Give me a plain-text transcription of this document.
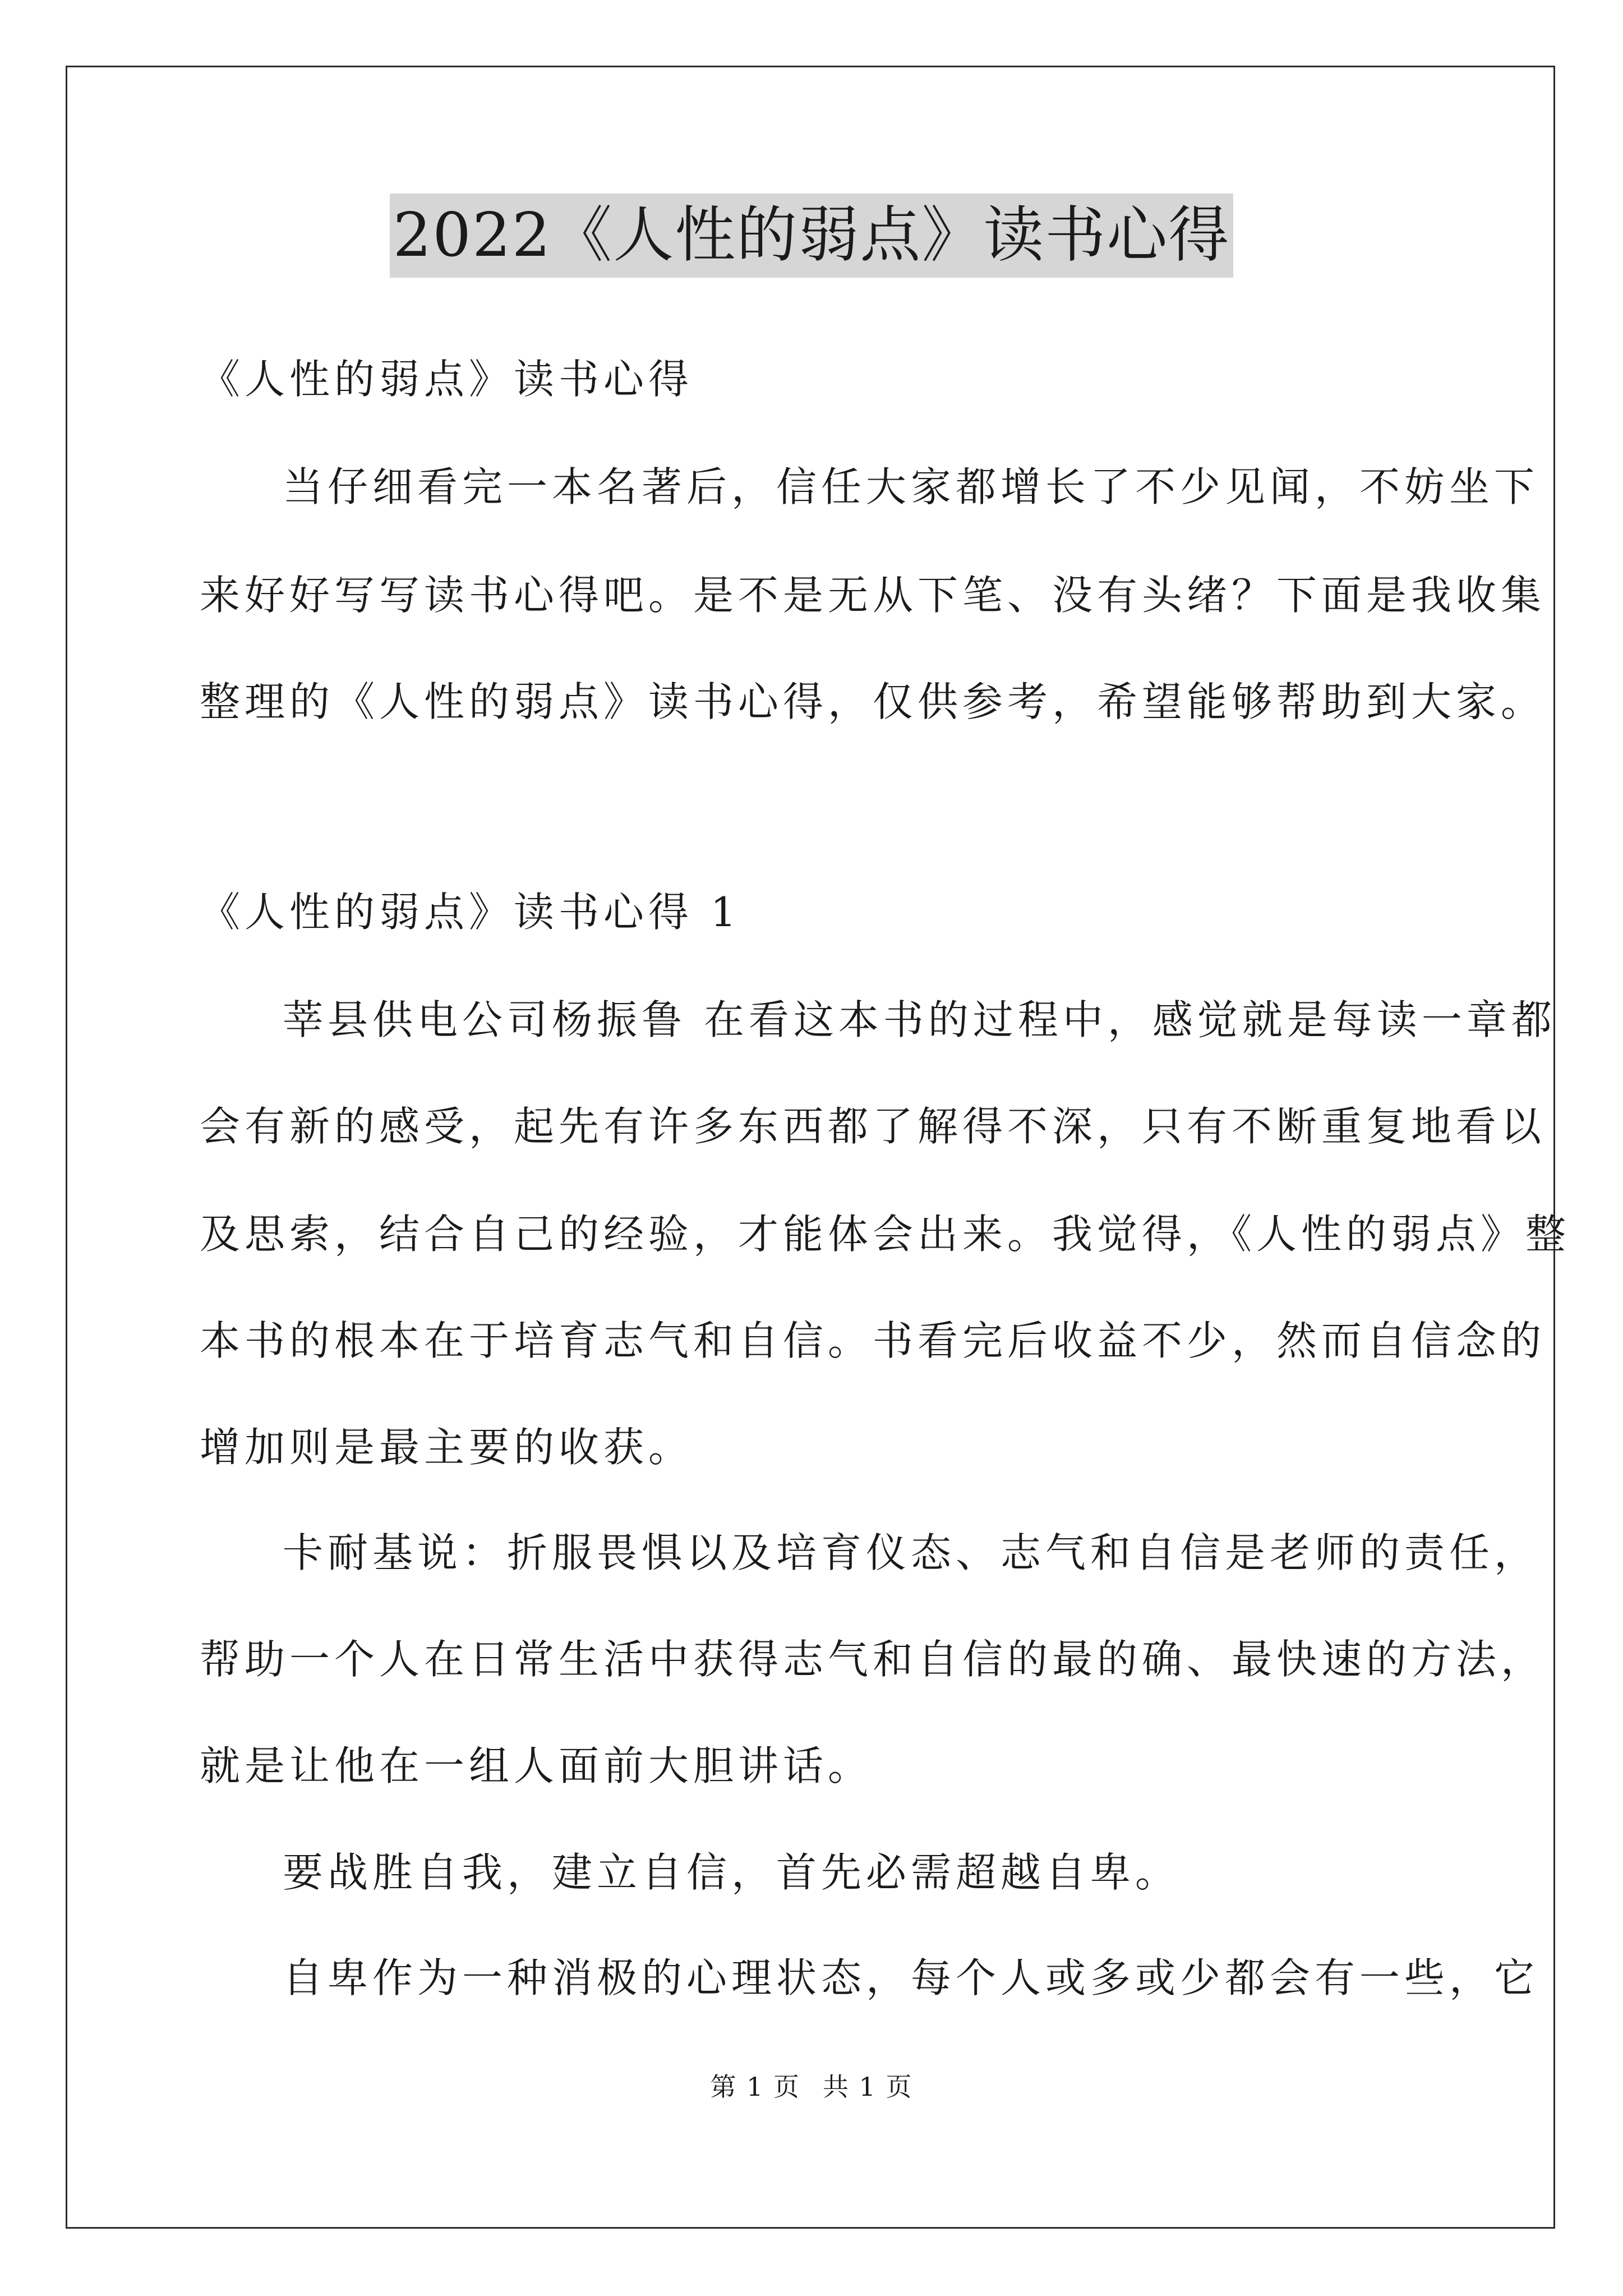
2022《人性的弱点》读书心得
《人性的弱点》读书心得
当仔细看完一本名著后，信任大家都增长了不少见闻，不妨坐下
来好好写写读书心得吧。是不是无从下笔、没有头绪？下面是我收集
整理的《人性的弱点》读书心得，仅供参考，希望能够帮助到大家。
《人性的弱点》读书心得 1
莘县供电公司杨振鲁 在看这本书的过程中，感觉就是每读一章都
会有新的感受，起先有许多东西都了解得不深，只有不断重复地看以
及思索，结合自己的经验，才能体会出来。我觉得，《人性的弱点》整
本书的根本在于培育志气和自信。书看完后收益不少，然而自信念的
增加则是最主要的收获。
卡耐基说：折服畏惧以及培育仪态、志气和自信是老师的责任，
帮助一个人在日常生活中获得志气和自信的最的确、最快速的方法，
就是让他在一组人面前大胆讲话。
要战胜自我，建立自信，首先必需超越自卑。
自卑作为一种消极的心理状态，每个人或多或少都会有一些，它
第 1 页 共 1 页
